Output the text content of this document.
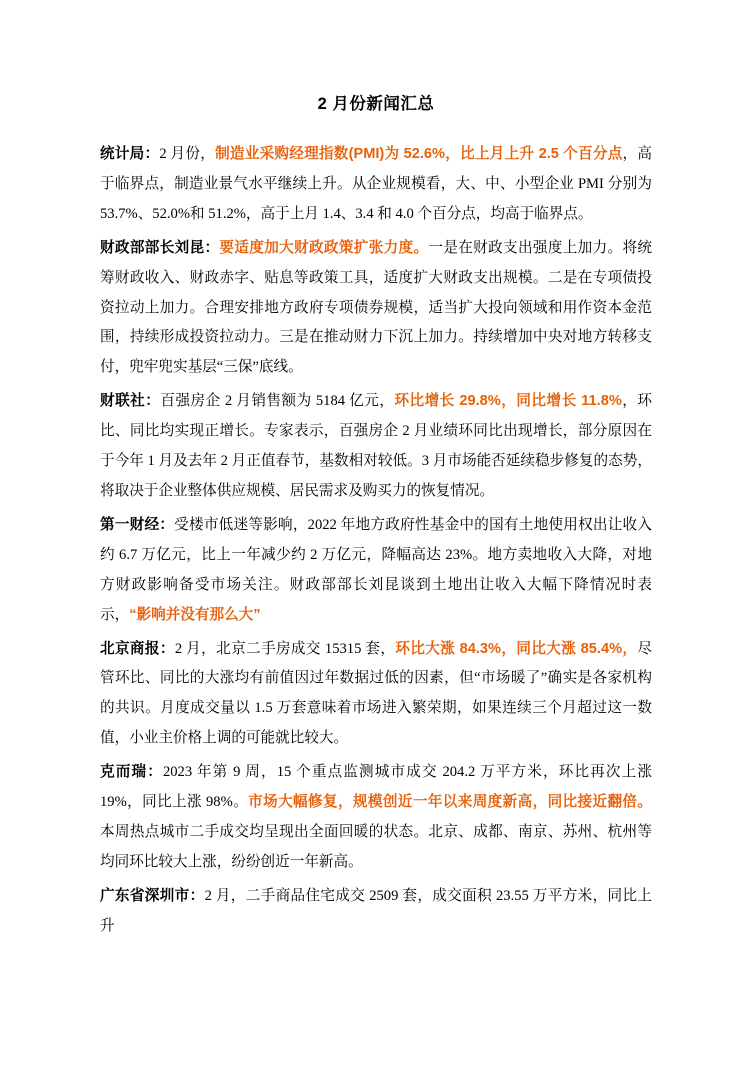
2 月份新闻汇总
统计局：2 月份，制造业采购经理指数(PMI)为 52.6%，比上月上升 2.5 个百分点，高于临界点，制造业景气水平继续上升。从企业规模看，大、中、小型企业 PMI 分别为 53.7%、52.0%和 51.2%，高于上月 1.4、3.4 和 4.0 个百分点，均高于临界点。
财政部部长刘昆：要适度加大财政政策扩张力度。一是在财政支出强度上加力。将统筹财政收入、财政赤字、贴息等政策工具，适度扩大财政支出规模。二是在专项债投资拉动上加力。合理安排地方政府专项债券规模，适当扩大投向领域和用作资本金范围，持续形成投资拉动力。三是在推动财力下沉上加力。持续增加中央对地方转移支付，兜牢兜实基层“三保”底线。
财联社：百强房企 2 月销售额为 5184 亿元，环比增长 29.8%，同比增长 11.8%，环比、同比均实现正增长。专家表示，百强房企 2 月业绩环同比出现增长，部分原因在于今年 1 月及去年 2 月正值春节，基数相对较低。3 月市场能否延续稳步修复的态势，将取决于企业整体供应规模、居民需求及购买力的恢复情况。
第一财经：受楼市低迷等影响，2022 年地方政府性基金中的国有土地使用权出让收入约 6.7 万亿元，比上一年减少约 2 万亿元，降幅高达 23%。地方卖地收入大降，对地方财政影响备受市场关注。财政部部长刘昆谈到土地出让收入大幅下降情况时表示，“影响并没有那么大”
北京商报：2 月，北京二手房成交 15315 套，环比大涨 84.3%，同比大涨 85.4%，尽管环比、同比的大涨均有前值因过年数据过低的因素，但“市场暖了”确实是各家机构的共识。月度成交量以 1.5 万套意味着市场进入繁荣期，如果连续三个月超过这一数值，小业主价格上调的可能就比较大。
克而瑞：2023 年第 9 周，15 个重点监测城市成交 204.2 万平方米，环比再次上涨 19%，同比上涨 98%。市场大幅修复，规模创近一年以来周度新高，同比接近翻倍。本周热点城市二手成交均呈现出全面回暖的状态。北京、成都、南京、苏州、杭州等均同环比较大上涨，纷纷创近一年新高。
广东省深圳市：2 月，二手商品住宅成交 2509 套，成交面积 23.55 万平方米，同比上升
